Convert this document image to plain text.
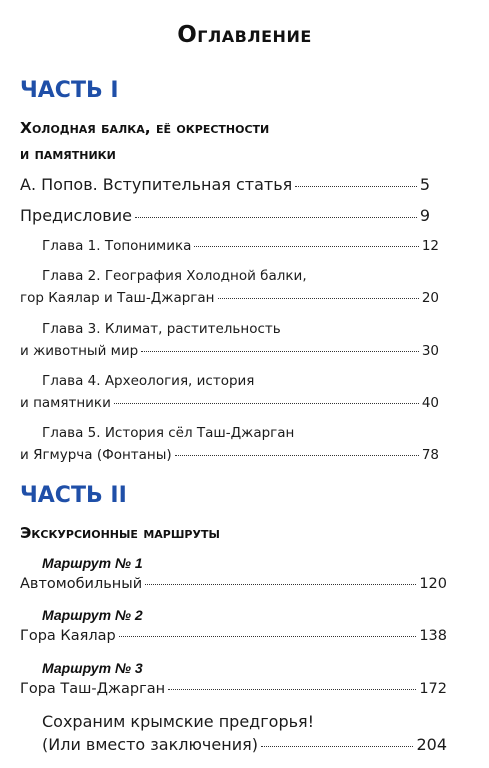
Оглавление
ЧАСТЬ I
Холодная балка, её окрестности
и памятники
А. Попов. Вступительная статья	5
Предисловие	9
Глава 1. Топонимика	12
Глава 2. География Холодной балки,
гор Каялар и Таш-Джарган	20
Глава 3. Климат, растительность
и животный мир	30
Глава 4. Археология, история
и памятники	40
Глава 5. История сёл Таш-Джарган
и Ягмурча (Фонтаны)	78
ЧАСТЬ II
Экскурсионные маршруты
Маршрут № 1
Автомобильный	120
Маршрут № 2
Гора Каялар	138
Маршрут № 3
Гора Таш-Джарган	172
Сохраним крымские предгорья!
(Или вместо заключения)	204
